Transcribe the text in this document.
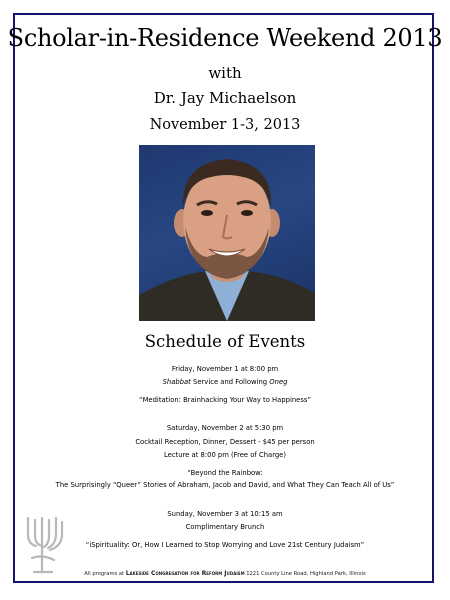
Scholar-in-Residence Weekend 2013
with
Dr. Jay Michaelson
November 1-3, 2013
Schedule of Events
Friday, November 1 at 8:00 pm
Shabbat Service and Following Oneg
“Meditation: Brainhacking Your Way to Happiness”
Saturday, November 2 at 5:30 pm
Cocktail Reception, Dinner, Dessert - $45 per person
Lecture at 8:00 pm (Free of Charge)
“Beyond the Rainbow:
The Surprisingly “Queer” Stories of Abraham, Jacob and David, and What They Can Teach All of Us”
Sunday, November 3 at 10:15 am
Complimentary Brunch
“iSpirituality: Or, How I Learned to Stop Worrying and Love 21st Century Judaism”
All programs at Lakeside Congregation for Reform Judaism 1221 County Line Road, Highland Park, Illinois
